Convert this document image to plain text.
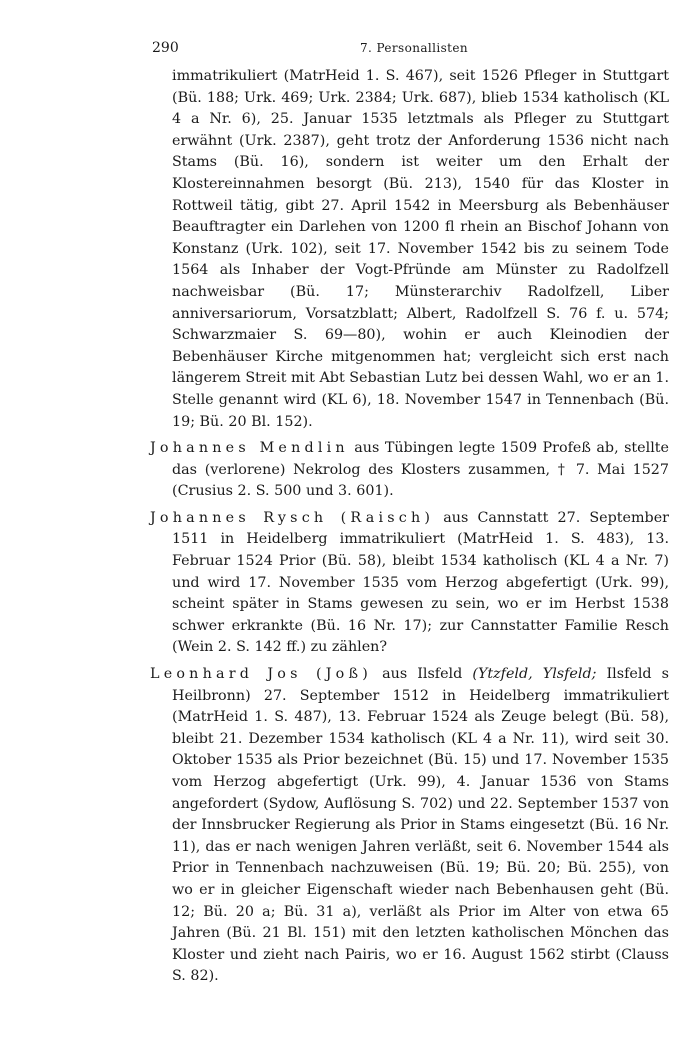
290	7. Personallisten

immatrikuliert (MatrHeid 1. S. 467), seit 1526 Pfleger in Stuttgart (Bü. 188; Urk. 469; Urk. 2384; Urk. 687), blieb 1534 katholisch (KL 4 a Nr. 6), 25. Januar 1535 letztmals als Pfleger zu Stuttgart erwähnt (Urk. 2387), geht trotz der Anforderung 1536 nicht nach Stams (Bü. 16), sondern ist weiter um den Erhalt der Klostereinnahmen besorgt (Bü. 213), 1540 für das Kloster in Rottweil tätig, gibt 27. April 1542 in Meersburg als Bebenhäuser Beauftragter ein Darlehen von 1200 fl rhein an Bischof Johann von Konstanz (Urk. 102), seit 17. November 1542 bis zu seinem Tode 1564 als Inhaber der Vogt-Pfründe am Münster zu Radolfzell nachweisbar (Bü. 17; Münsterarchiv Radolfzell, Liber anniversariorum, Vorsatzblatt; Albert, Radolfzell S. 76 f. u. 574; Schwarzmaier S. 69—80), wohin er auch Kleinodien der Bebenhäuser Kirche mitgenommen hat; vergleicht sich erst nach längerem Streit mit Abt Sebastian Lutz bei dessen Wahl, wo er an 1. Stelle genannt wird (KL 6), 18. November 1547 in Tennenbach (Bü. 19; Bü. 20 Bl. 152).

Johannes Mendlin aus Tübingen legte 1509 Profeß ab, stellte das (verlorene) Nekrolog des Klosters zusammen, † 7. Mai 1527 (Crusius 2. S. 500 und 3. 601).

Johannes Rysch (Raisch) aus Cannstatt 27. September 1511 in Heidelberg immatrikuliert (MatrHeid 1. S. 483), 13. Februar 1524 Prior (Bü. 58), bleibt 1534 katholisch (KL 4 a Nr. 7) und wird 17. November 1535 vom Herzog abgefertigt (Urk. 99), scheint später in Stams gewesen zu sein, wo er im Herbst 1538 schwer erkrankte (Bü. 16 Nr. 17); zur Cannstatter Familie Resch (Wein 2. S. 142 ff.) zu zählen?

Leonhard Jos (Joß) aus Ilsfeld (Ytzfeld, Ylsfeld; Ilsfeld s Heilbronn) 27. September 1512 in Heidelberg immatrikuliert (MatrHeid 1. S. 487), 13. Februar 1524 als Zeuge belegt (Bü. 58), bleibt 21. Dezember 1534 katholisch (KL 4 a Nr. 11), wird seit 30. Oktober 1535 als Prior bezeichnet (Bü. 15) und 17. November 1535 vom Herzog abgefertigt (Urk. 99), 4. Januar 1536 von Stams angefordert (Sydow, Auflösung S. 702) und 22. September 1537 von der Innsbrucker Regierung als Prior in Stams eingesetzt (Bü. 16 Nr. 11), das er nach wenigen Jahren verläßt, seit 6. November 1544 als Prior in Tennenbach nachzuweisen (Bü. 19; Bü. 20; Bü. 255), von wo er in gleicher Eigenschaft wieder nach Bebenhausen geht (Bü. 12; Bü. 20 a; Bü. 31 a), verläßt als Prior im Alter von etwa 65 Jahren (Bü. 21 Bl. 151) mit den letzten katholischen Mönchen das Kloster und zieht nach Pairis, wo er 16. August 1562 stirbt (Clauss S. 82).
